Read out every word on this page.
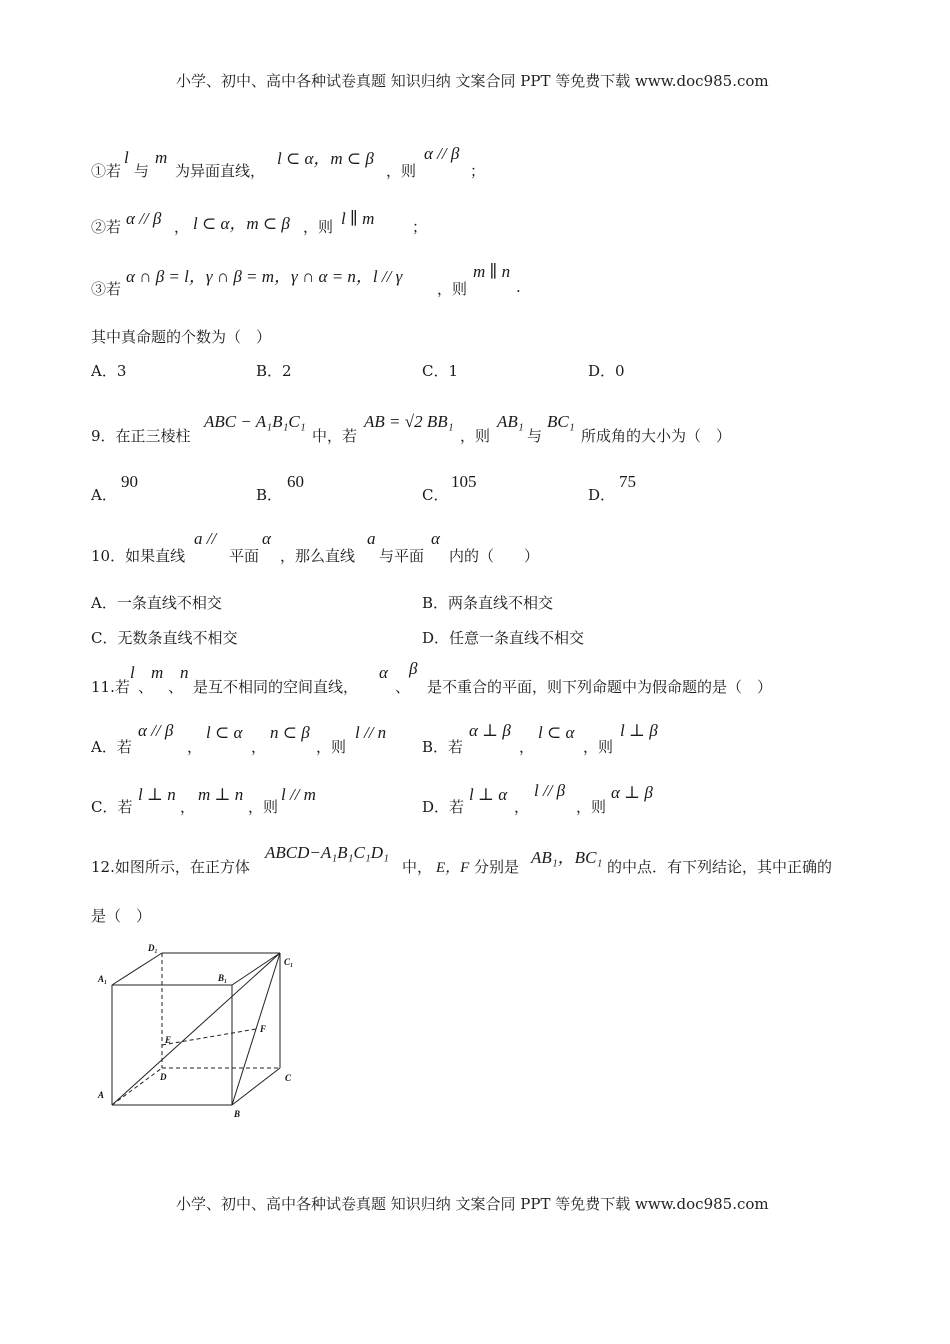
小学、初中、高中各种试卷真题 知识归纳 文案合同 PPT 等免费下载 www.doc985.com
①若
l
与
m
为异面直线，
l ⊂ α，m ⊂ β
，则
α // β
；
②若 α // β ， l ⊂ α，m ⊂ β ，则 l ∥ m	；
③若
α ∩ β = l，γ ∩ β = m，γ ∩ α = n，l // γ
，则
m ∥ n
.
其中真命题的个数为（　）
A．3	B．2	C．1	D．0
9．在正三棱柱
ABC − A₁B₁C₁
中，若
AB = √2 BB₁
，则
AB₁
与
BC₁
所成角的大小为（　）
A．
90
B．
60
C．
105
D．
75
10．如果直线
a //
平面
α
，那么直线
a
与平面
α
内的（　　）
A．一条直线不相交	B．两条直线不相交
C．无数条直线不相交	D．任意一条直线不相交
11.若
l
、
m
、
n
是互不相同的空间直线，
α
、
β
是不重合的平面，则下列命题中为假命题的是（　）
A．若
α // β
，
l ⊂ α
，
n ⊂ β
，则
l // n
B．若
α ⊥ β
，
l ⊂ α
，则
l ⊥ β
C．若
l ⊥ n
，
m ⊥ n
，则
l // m
D．若
l ⊥ α
，
l // β
，则
α ⊥ β
12.如图所示，在正方体
ABCD−A₁B₁C₁D₁
中， E，F 分别是 AB₁，BC₁ 的中点．有下列结论，其中正确的
是（　）
D₁
A₁	B₁
C₁
E
F
D	C
A
B
小学、初中、高中各种试卷真题 知识归纳 文案合同 PPT 等免费下载 www.doc985.com
